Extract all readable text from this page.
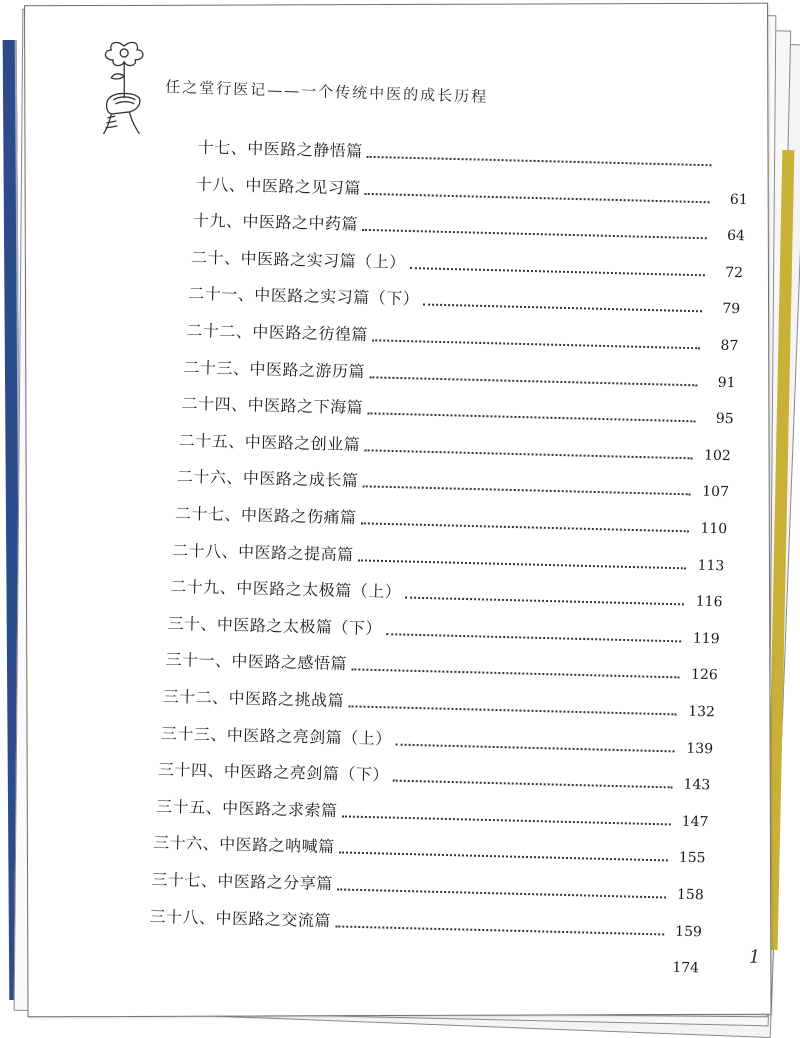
任之堂行医记——一个传统中医的成长历程
十七、中医路之静悟篇
十八、中医路之见习篇
61
十九、中医路之中药篇
64
二十、中医路之实习篇（上）
72
二十一、中医路之实习篇（下）
79
二十二、中医路之彷徨篇
87
二十三、中医路之游历篇
91
二十四、中医路之下海篇
95
二十五、中医路之创业篇
102
二十六、中医路之成长篇
107
二十七、中医路之伤痛篇
110
二十八、中医路之提高篇
113
二十九、中医路之太极篇（上）
116
三十、中医路之太极篇（下）
119
三十一、中医路之感悟篇
126
三十二、中医路之挑战篇
132
三十三、中医路之亮剑篇（上）
139
三十四、中医路之亮剑篇（下）
143
三十五、中医路之求索篇
147
三十六、中医路之呐喊篇
155
三十七、中医路之分享篇
158
三十八、中医路之交流篇
159
174
1
